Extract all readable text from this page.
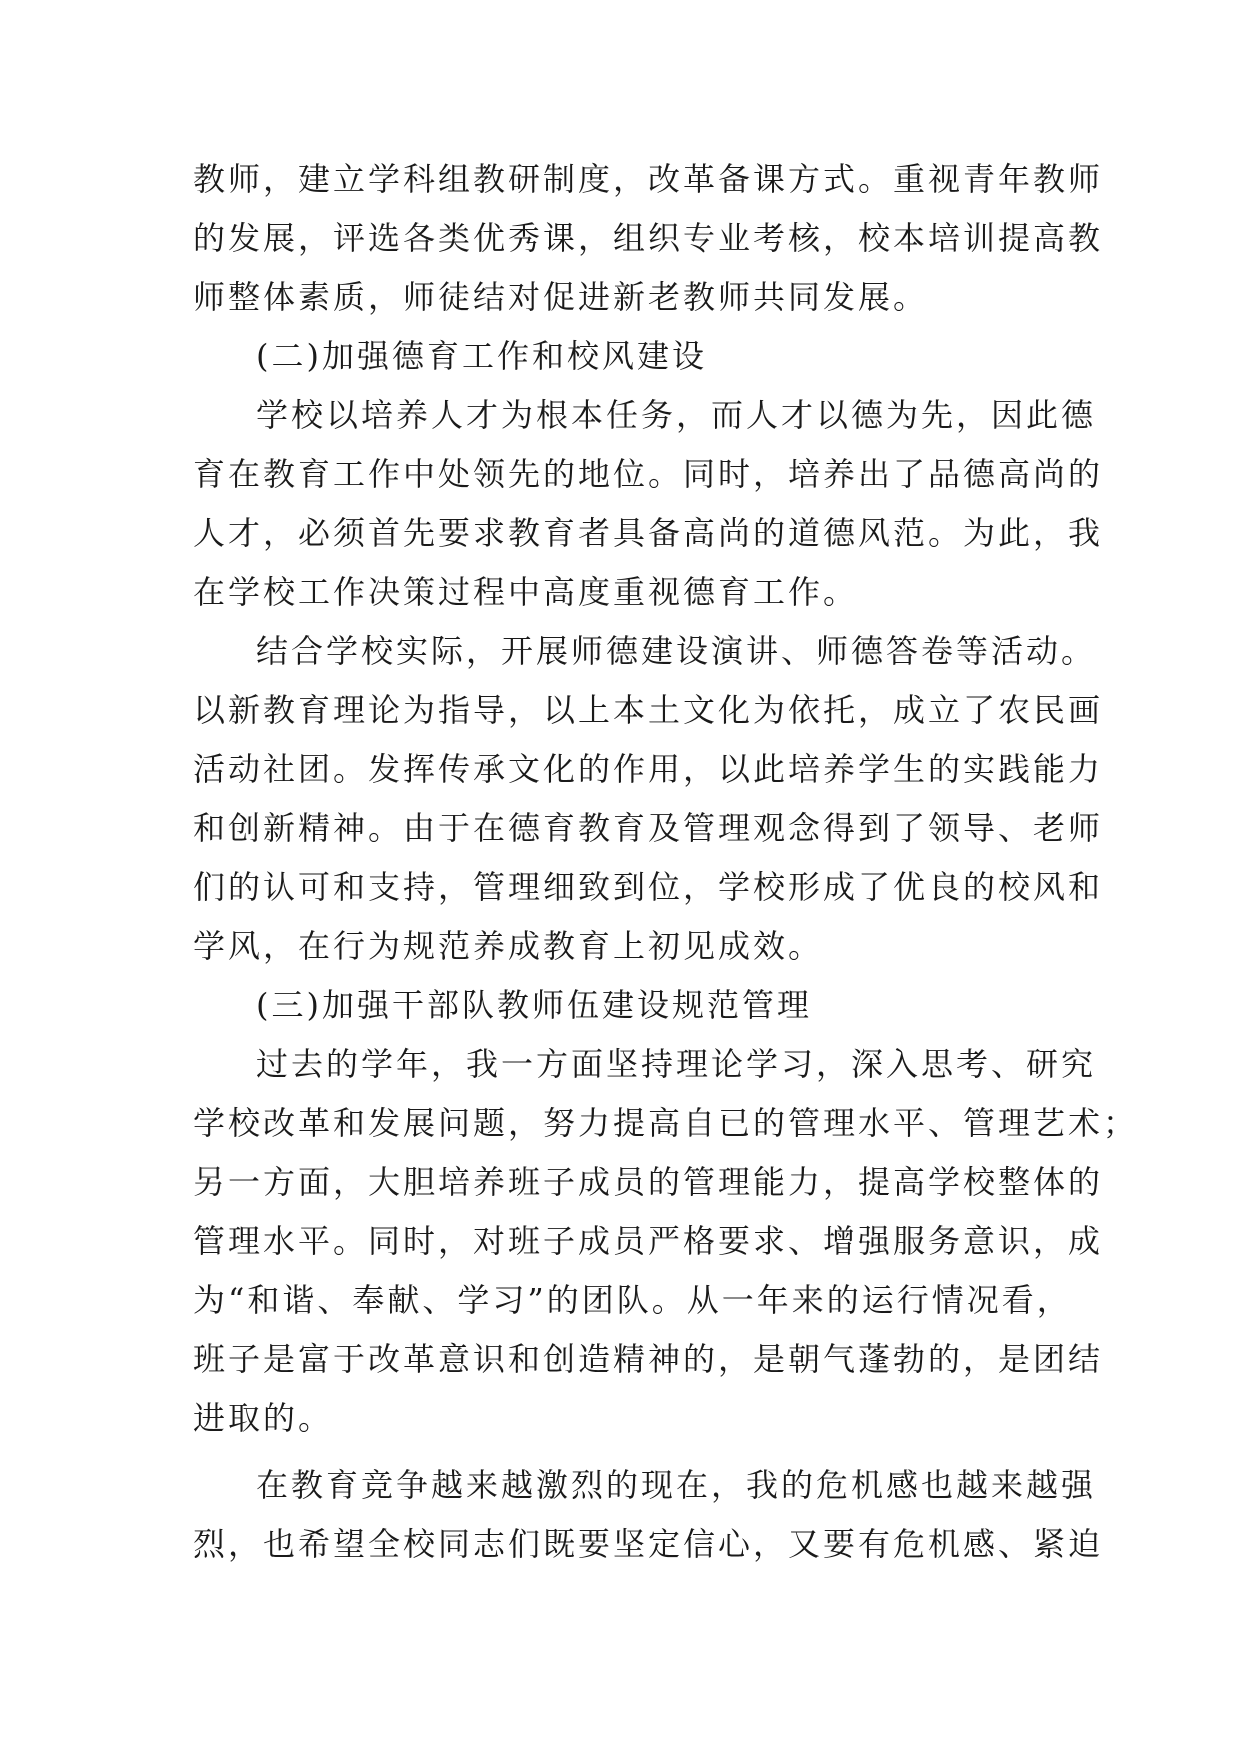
教师，建立学科组教研制度，改革备课方式。重视青年教师
的发展，评选各类优秀课，组织专业考核，校本培训提高教
师整体素质，师徒结对促进新老教师共同发展。
(二)加强德育工作和校风建设
学校以培养人才为根本任务，而人才以德为先，因此德
育在教育工作中处领先的地位。同时，培养出了品德高尚的
人才，必须首先要求教育者具备高尚的道德风范。为此，我
在学校工作决策过程中高度重视德育工作。
结合学校实际，开展师德建设演讲、师德答卷等活动。
以新教育理论为指导，以上本土文化为依托，成立了农民画
活动社团。发挥传承文化的作用，以此培养学生的实践能力
和创新精神。由于在德育教育及管理观念得到了领导、老师
们的认可和支持，管理细致到位，学校形成了优良的校风和
学风，在行为规范养成教育上初见成效。
(三)加强干部队教师伍建设规范管理
过去的学年，我一方面坚持理论学习，深入思考、研究
学校改革和发展问题，努力提高自已的管理水平、管理艺术；
另一方面，大胆培养班子成员的管理能力，提高学校整体的
管理水平。同时，对班子成员严格要求、增强服务意识，成
为“和谐、奉献、学习”的团队。从一年来的运行情况看，
班子是富于改革意识和创造精神的，是朝气蓬勃的，是团结
进取的。
在教育竞争越来越激烈的现在，我的危机感也越来越强
烈，也希望全校同志们既要坚定信心，又要有危机感、紧迫
